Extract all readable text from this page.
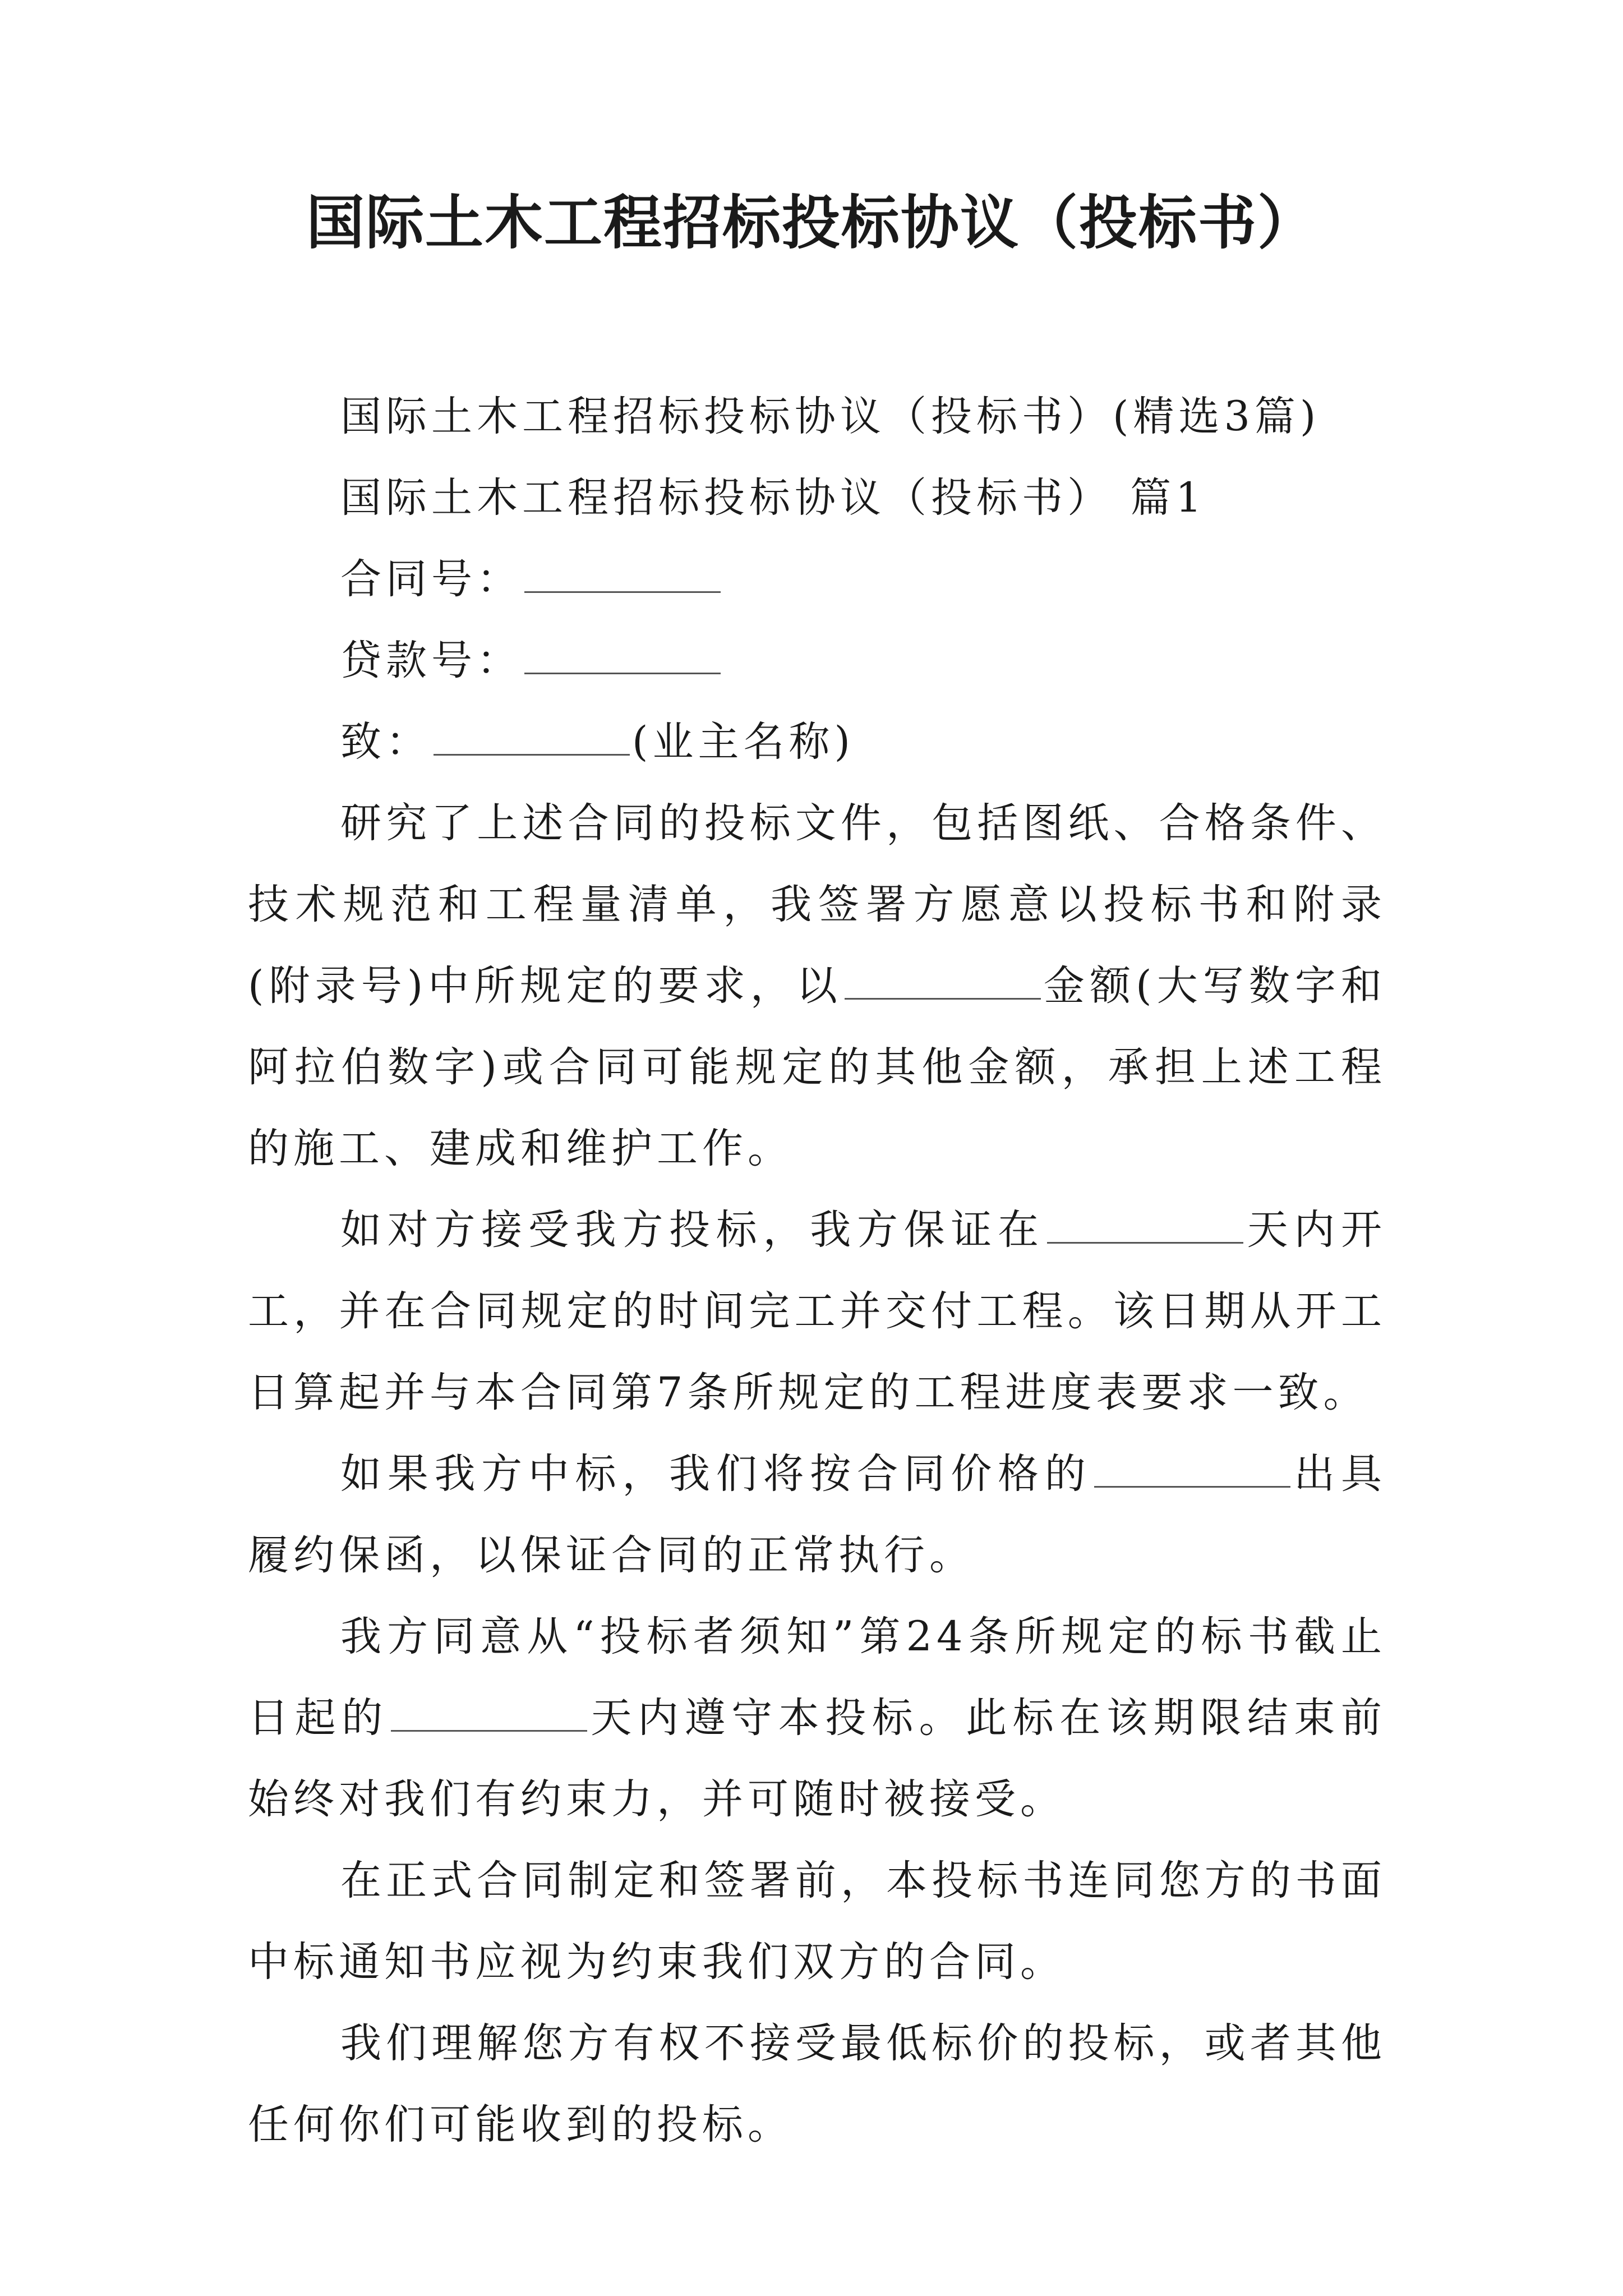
国际土木工程招标投标协议（投标书）
国际土木工程招标投标协议（投标书）(精选3篇)
国际土木工程招标投标协议（投标书） 篇1
合同号：
贷款号：
致：	(业主名称)
研究了上述合同的投标文件，包括图纸、合格条件、技术规范和工程量清单，我签署方愿意以投标书和附录(附录号)中所规定的要求，以	金额(大写数字和阿拉伯数字)或合同可能规定的其他金额，承担上述工程的施工、建成和维护工作。
如对方接受我方投标，我方保证在	天内开工，并在合同规定的时间完工并交付工程。该日期从开工日算起并与本合同第7条所规定的工程进度表要求一致。
如果我方中标，我们将按合同价格的	出具履约保函，以保证合同的正常执行。
我方同意从“投标者须知”第24条所规定的标书截止日起的	天内遵守本投标。此标在该期限结束前始终对我们有约束力，并可随时被接受。
在正式合同制定和签署前，本投标书连同您方的书面中标通知书应视为约束我们双方的合同。
我们理解您方有权不接受最低标价的投标，或者其他任何你们可能收到的投标。
